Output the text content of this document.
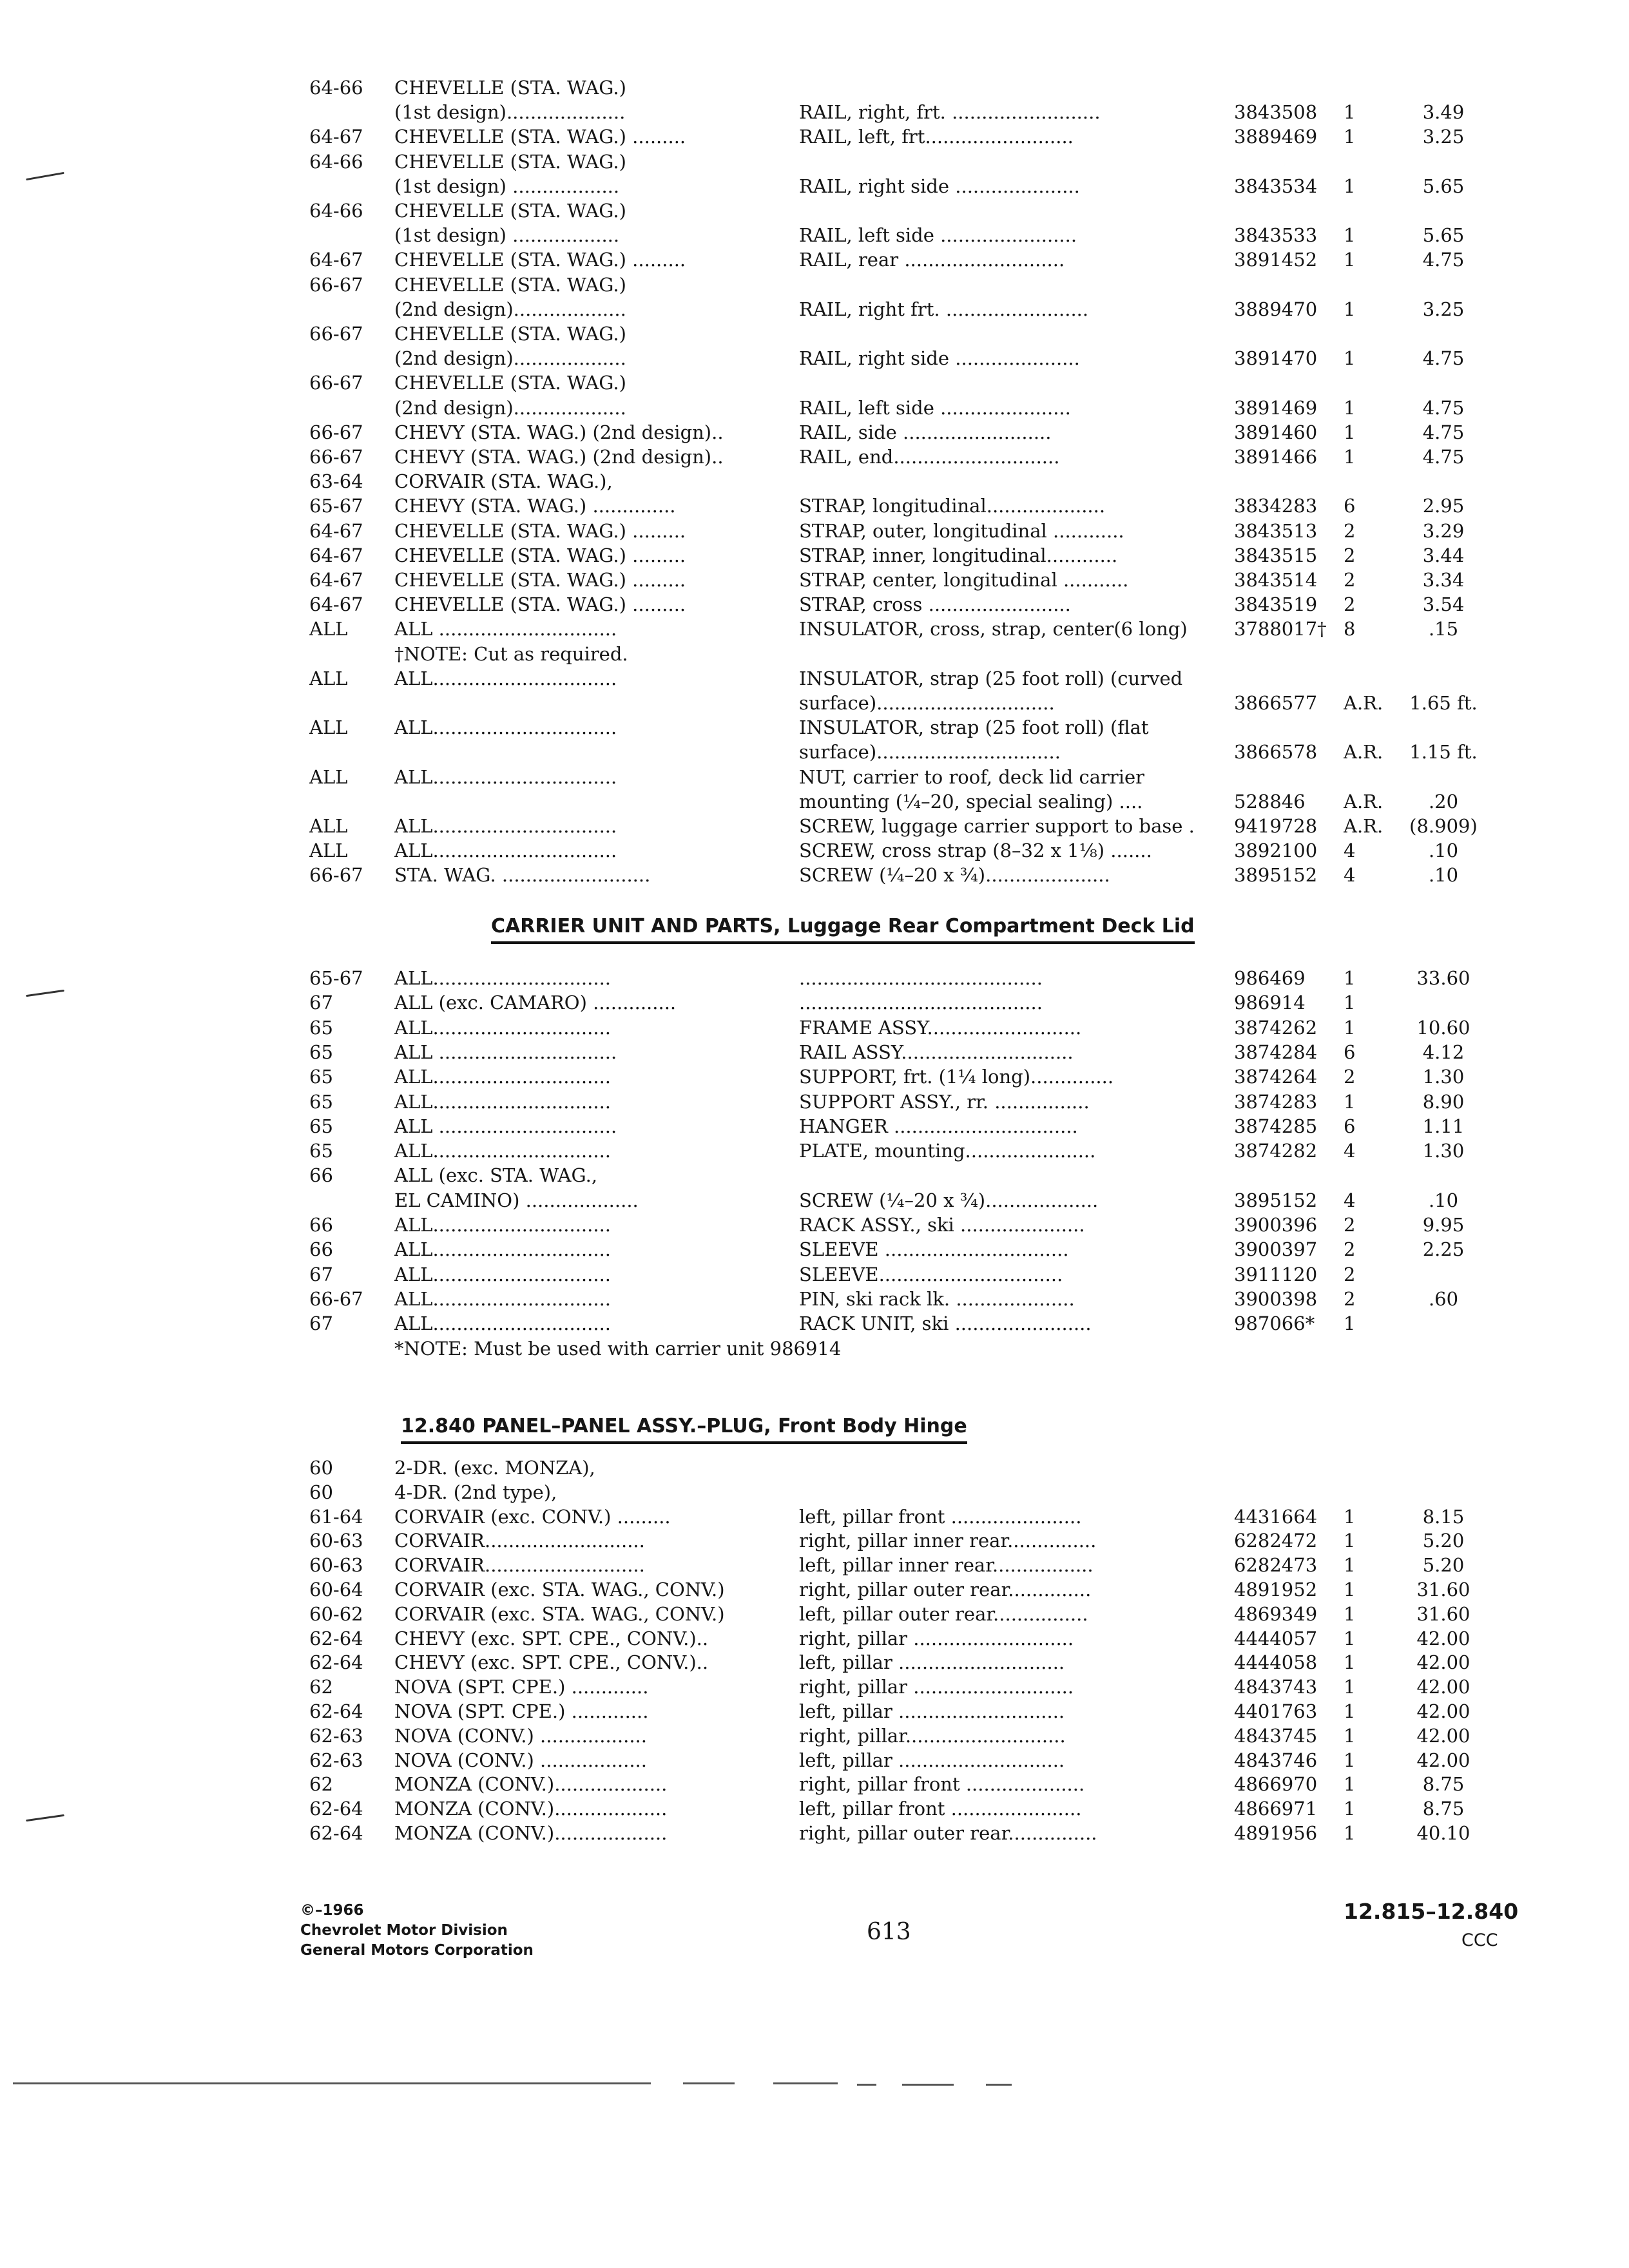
64-66	CHEVELLE (STA. WAG.)
(1st design)....................	RAIL, right, frt. .........................	3843508	1	3.49
64-67	CHEVELLE (STA. WAG.) .........	RAIL, left, frt.........................	3889469	1	3.25
64-66	CHEVELLE (STA. WAG.)
(1st design) ..................	RAIL, right side .....................	3843534	1	5.65
64-66	CHEVELLE (STA. WAG.)
(1st design) ..................	RAIL, left side .......................	3843533	1	5.65
64-67	CHEVELLE (STA. WAG.) .........	RAIL, rear ...........................	3891452	1	4.75
66-67	CHEVELLE (STA. WAG.)
(2nd design)...................	RAIL, right frt. ........................	3889470	1	3.25
66-67	CHEVELLE (STA. WAG.)
(2nd design)...................	RAIL, right side .....................	3891470	1	4.75
66-67	CHEVELLE (STA. WAG.)
(2nd design)...................	RAIL, left side ......................	3891469	1	4.75
66-67	CHEVY (STA. WAG.) (2nd design)..	RAIL, side .........................	3891460	1	4.75
66-67	CHEVY (STA. WAG.) (2nd design)..	RAIL, end............................	3891466	1	4.75
63-64	CORVAIR (STA. WAG.),
65-67	CHEVY (STA. WAG.) ..............	STRAP, longitudinal....................	3834283	6	2.95
64-67	CHEVELLE (STA. WAG.) .........	STRAP, outer, longitudinal ............	3843513	2	3.29
64-67	CHEVELLE (STA. WAG.) .........	STRAP, inner, longitudinal............	3843515	2	3.44
64-67	CHEVELLE (STA. WAG.) .........	STRAP, center, longitudinal ...........	3843514	2	3.34
64-67	CHEVELLE (STA. WAG.) .........	STRAP, cross ........................	3843519	2	3.54
ALL	ALL ..............................	INSULATOR, cross, strap, center(6 long)	3788017† 8	.15
†NOTE: Cut as required.
ALL	ALL...............................	INSULATOR, strap (25 foot roll) (curved
surface)..............................	3866577	A.R.	1.65 ft.
ALL	ALL...............................	INSULATOR, strap (25 foot roll) (flat
surface)...............................	3866578	A.R.	1.15 ft.
ALL	ALL...............................	NUT, carrier to roof, deck lid carrier
mounting (¼–20, special sealing) ....	528846	A.R.	.20
ALL	ALL...............................	SCREW, luggage carrier support to base .	9419728	A.R.	(8.909)
ALL	ALL...............................	SCREW, cross strap (8–32 x 1⅛) .......	3892100	4	.10
66-67	STA. WAG. .........................	SCREW (¼–20 x ¾).....................	3895152	4	.10
CARRIER UNIT AND PARTS, Luggage Rear Compartment Deck Lid
65-67	ALL..............................	.........................................	986469	1	33.60
67	ALL (exc. CAMARO) ..............	.........................................	986914	1
65	ALL..............................	FRAME ASSY..........................	3874262	1	10.60
65	ALL ..............................	RAIL ASSY.............................	3874284	6	4.12
65	ALL..............................	SUPPORT, frt. (1¼ long)..............	3874264	2	1.30
65	ALL..............................	SUPPORT ASSY., rr. ................	3874283	1	8.90
65	ALL ..............................	HANGER ...............................	3874285	6	1.11
65	ALL..............................	PLATE, mounting......................	3874282	4	1.30
66	ALL (exc. STA. WAG.,
EL CAMINO) ...................	SCREW (¼–20 x ¾)...................	3895152	4	.10
66	ALL..............................	RACK ASSY., ski .....................	3900396	2	9.95
66	ALL..............................	SLEEVE ...............................	3900397	2	2.25
67	ALL..............................	SLEEVE...............................	3911120	2
66-67	ALL..............................	PIN, ski rack lk. ....................	3900398	2	.60
67	ALL..............................	RACK UNIT, ski .......................	987066*	1
*NOTE: Must be used with carrier unit 986914
12.840 PANEL–PANEL ASSY.–PLUG, Front Body Hinge
60	2-DR. (exc. MONZA),
60	4-DR. (2nd type),
61-64	CORVAIR (exc. CONV.) .........	left, pillar front ......................	4431664	1	8.15
60-63	CORVAIR...........................	right, pillar inner rear...............	6282472	1	5.20
60-63	CORVAIR...........................	left, pillar inner rear.................	6282473	1	5.20
60-64	CORVAIR (exc. STA. WAG., CONV.)	right, pillar outer rear..............	4891952	1	31.60
60-62	CORVAIR (exc. STA. WAG., CONV.)	left, pillar outer rear................	4869349	1	31.60
62-64	CHEVY (exc. SPT. CPE., CONV.)..	right, pillar ...........................	4444057	1	42.00
62-64	CHEVY (exc. SPT. CPE., CONV.)..	left, pillar ............................	4444058	1	42.00
62	NOVA (SPT. CPE.) .............	right, pillar ...........................	4843743	1	42.00
62-64	NOVA (SPT. CPE.) .............	left, pillar ............................	4401763	1	42.00
62-63	NOVA (CONV.) ..................	right, pillar...........................	4843745	1	42.00
62-63	NOVA (CONV.) ..................	left, pillar ............................	4843746	1	42.00
62	MONZA (CONV.)...................	right, pillar front ....................	4866970	1	8.75
62-64	MONZA (CONV.)...................	left, pillar front ......................	4866971	1	8.75
62-64	MONZA (CONV.)...................	right, pillar outer rear...............	4891956	1	40.10
©–1966
Chevrolet Motor Division
General Motors Corporation
613
12.815–12.840
CCC
